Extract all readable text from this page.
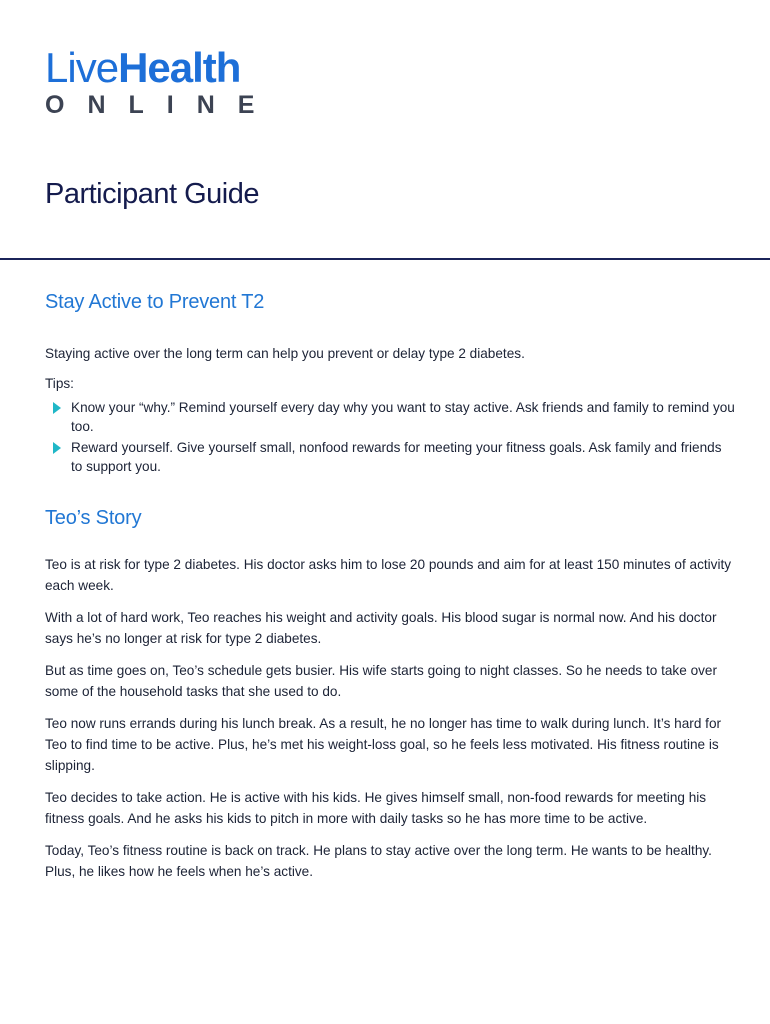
LiveHealth
ONLINE
Participant Guide
Stay Active to Prevent T2

Staying active over the long term can help you prevent or delay type 2 diabetes.

Tips:

Know your “why.” Remind yourself every day why you want to stay active. Ask friends and family to remind you too.
Reward yourself. Give yourself small, nonfood rewards for meeting your fitness goals. Ask family and friends to support you.
Teo’s Story

Teo is at risk for type 2 diabetes. His doctor asks him to lose 20 pounds and aim for at least 150 minutes of activity each week.

With a lot of hard work, Teo reaches his weight and activity goals. His blood sugar is normal now. And his doctor says he’s no longer at risk for type 2 diabetes.

But as time goes on, Teo’s schedule gets busier. His wife starts going to night classes. So he needs to take over some of the household tasks that she used to do.

Teo now runs errands during his lunch break. As a result, he no longer has time to walk during lunch. It’s hard for Teo to find time to be active. Plus, he’s met his weight-loss goal, so he feels less motivated. His fitness routine is slipping.

Teo decides to take action. He is active with his kids. He gives himself small, non-food rewards for meeting his fitness goals. And he asks his kids to pitch in more with daily tasks so he has more time to be active.

Today, Teo’s fitness routine is back on track. He plans to stay active over the long term. He wants to be healthy. Plus, he likes how he feels when he’s active.
